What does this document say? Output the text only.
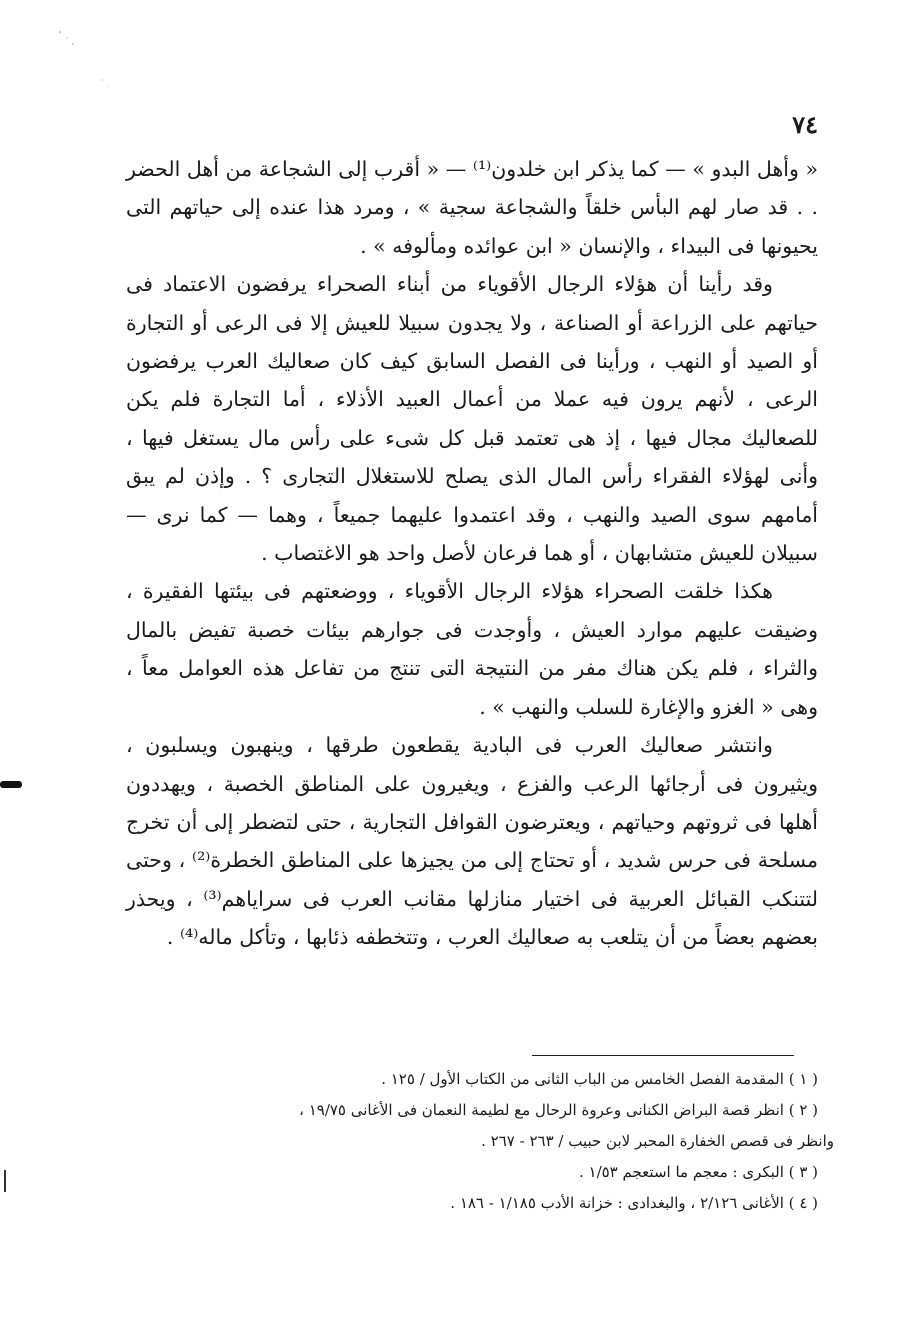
٧٤

« وأهل البدو » — كما يذكر ابن خلدون⁽¹⁾ — « أقرب إلى الشجاعة من أهل الحضر . . قد صار لهم البأس خلقاً والشجاعة سجية » ، ومرد هذا عنده إلى حياتهم التى يحيونها فى البيداء ، والإنسان « ابن عوائده ومألوفه » .

وقد رأينا أن هؤلاء الرجال الأقوياء من أبناء الصحراء يرفضون الاعتماد فى حياتهم على الزراعة أو الصناعة ، ولا يجدون سبيلا للعيش إلا فى الرعى أو التجارة أو الصيد أو النهب ، ورأينا فى الفصل السابق كيف كان صعاليك العرب يرفضون الرعى ، لأنهم يرون فيه عملا من أعمال العبيد الأذلاء ، أما التجارة فلم يكن للصعاليك مجال فيها ، إذ هى تعتمد قبل كل شىء على رأس مال يستغل فيها ، وأنى لهؤلاء الفقراء رأس المال الذى يصلح للاستغلال التجارى ؟ . وإذن لم يبق أمامهم سوى الصيد والنهب ، وقد اعتمدوا عليهما جميعاً ، وهما — كما نرى — سبيلان للعيش متشابهان ، أو هما فرعان لأصل واحد هو الاغتصاب .

هكذا خلقت الصحراء هؤلاء الرجال الأقوياء ، ووضعتهم فى بيئتها الفقيرة ، وضيقت عليهم موارد العيش ، وأوجدت فى جوارهم بيئات خصبة تفيض بالمال والثراء ، فلم يكن هناك مفر من النتيجة التى تنتج من تفاعل هذه العوامل معاً ، وهى « الغزو والإغارة للسلب والنهب » .

وانتشر صعاليك العرب فى البادية يقطعون طرقها ، وينهبون ويسلبون ، ويثيرون فى أرجائها الرعب والفزع ، ويغيرون على المناطق الخصبة ، ويهددون أهلها فى ثروتهم وحياتهم ، ويعترضون القوافل التجارية ، حتى لتضطر إلى أن تخرج مسلحة فى حرس شديد ، أو تحتاج إلى من يجيزها على المناطق الخطرة⁽²⁾ ، وحتى لتتنكب القبائل العربية فى اختيار منازلها مقانب العرب فى سراياهم⁽³⁾ ، ويحذر بعضهم بعضاً من أن يتلعب به صعاليك العرب ، وتتخطفه ذئابها ، وتأكل ماله⁽⁴⁾ .

( ١ ) المقدمة الفصل الخامس من الباب الثانى من الكتاب الأول / ١٢٥ .

( ٢ ) انظر قصة البراض الكنانى وعروة الرحال مع لطيمة النعمان فى الأغانى ١٩/٧٥ ،

وانظر فى قصص الخفارة المحبر لابن حبيب / ٢٦٣ - ٢٦٧ .

( ٣ ) البكرى : معجم ما استعجم ١/٥٣ .

( ٤ ) الأغانى ٢/١٢٦ ، والبغدادى : خزانة الأدب ١/١٨٥ - ١٨٦ .
